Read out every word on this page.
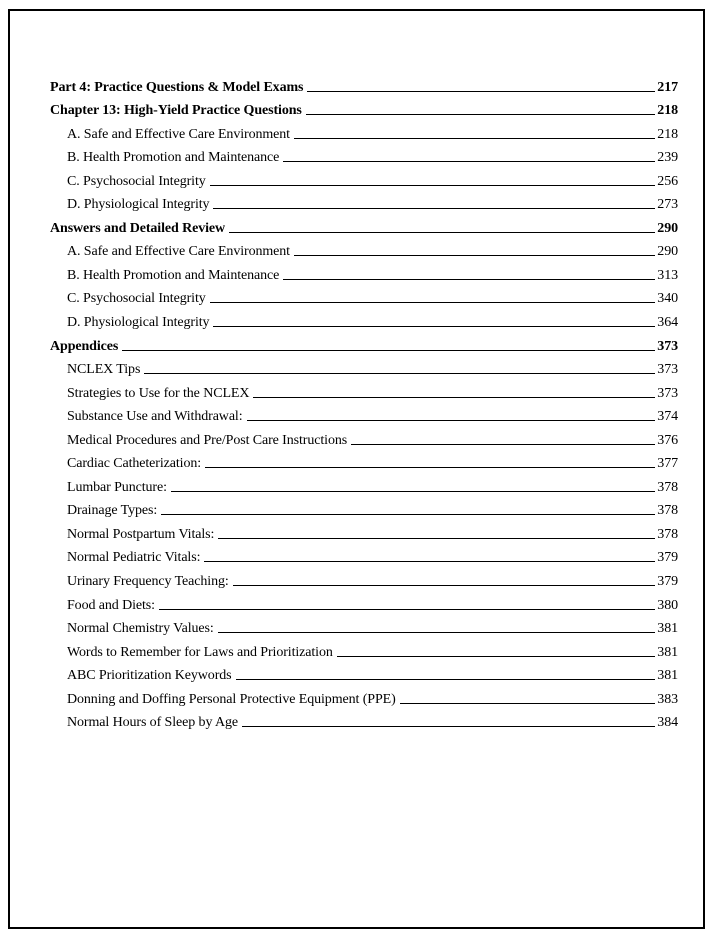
Part 4: Practice Questions & Model Exams	217
Chapter 13: High-Yield Practice Questions	218
A. Safe and Effective Care Environment	218
B. Health Promotion and Maintenance	239
C. Psychosocial Integrity	256
D. Physiological Integrity	273
Answers and Detailed Review	290
A. Safe and Effective Care Environment	290
B. Health Promotion and Maintenance	313
C. Psychosocial Integrity	340
D. Physiological Integrity	364
Appendices	373
NCLEX Tips	373
Strategies to Use for the NCLEX	373
Substance Use and Withdrawal:	374
Medical Procedures and Pre/Post Care Instructions	376
Cardiac Catheterization:	377
Lumbar Puncture:	378
Drainage Types:	378
Normal Postpartum Vitals:	378
Normal Pediatric Vitals:	379
Urinary Frequency Teaching:	379
Food and Diets:	380
Normal Chemistry Values:	381
Words to Remember for Laws and Prioritization	381
ABC Prioritization Keywords	381
Donning and Doffing Personal Protective Equipment (PPE)	383
Normal Hours of Sleep by Age	384
